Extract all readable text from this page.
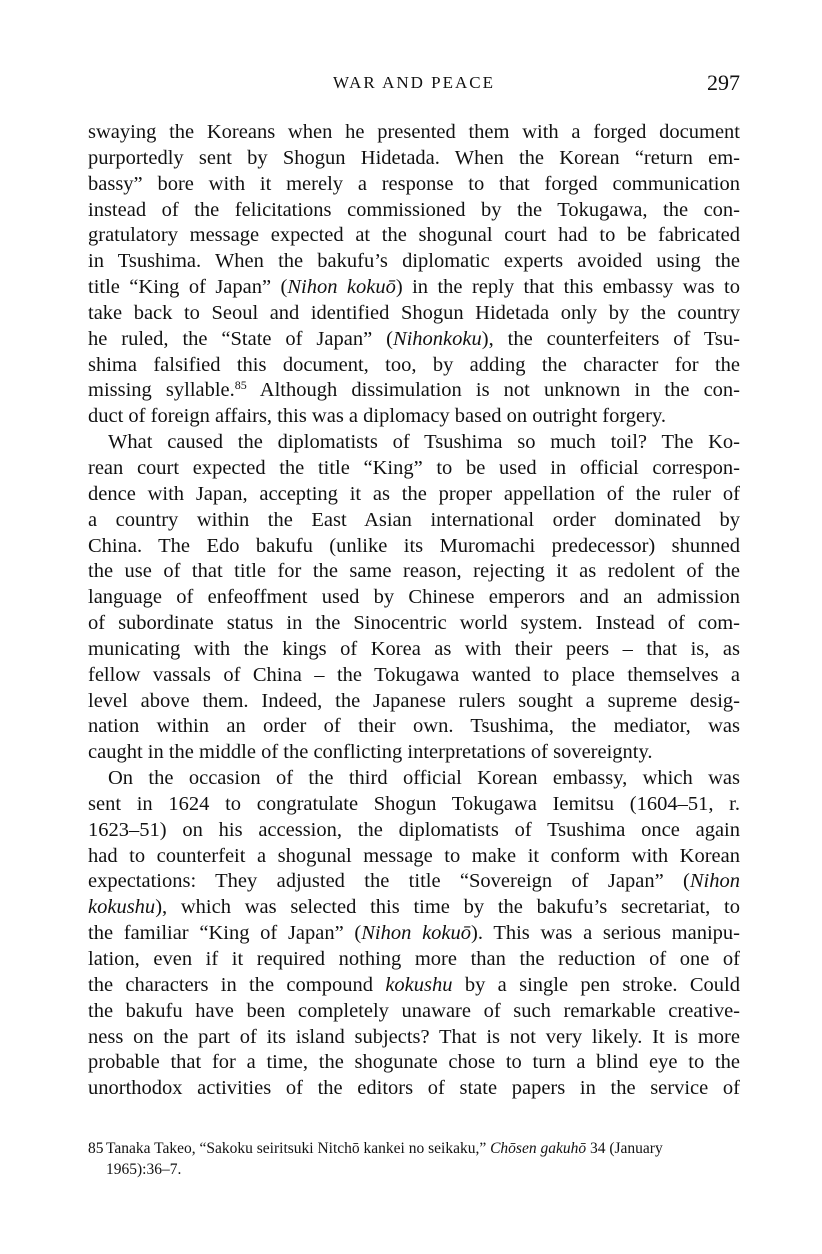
WAR AND PEACE	297
swaying the Koreans when he presented them with a forged document
purportedly sent by Shogun Hidetada. When the Korean “return em-
bassy” bore with it merely a response to that forged communication
instead of the felicitations commissioned by the Tokugawa, the con-
gratulatory message expected at the shogunal court had to be fabricated
in Tsushima. When the bakufu’s diplomatic experts avoided using the
title “King of Japan” (Nihon kokuō) in the reply that this embassy was to
take back to Seoul and identified Shogun Hidetada only by the country
he ruled, the “State of Japan” (Nihonkoku), the counterfeiters of Tsu-
shima falsified this document, too, by adding the character for the
missing syllable.$^{85}$ Although dissimulation is not unknown in the con-
duct of foreign affairs, this was a diplomacy based on outright forgery.
What caused the diplomatists of Tsushima so much toil? The Ko-
rean court expected the title “King” to be used in official correspon-
dence with Japan, accepting it as the proper appellation of the ruler of
a country within the East Asian international order dominated by
China. The Edo bakufu (unlike its Muromachi predecessor) shunned
the use of that title for the same reason, rejecting it as redolent of the
language of enfeoffment used by Chinese emperors and an admission
of subordinate status in the Sinocentric world system. Instead of com-
municating with the kings of Korea as with their peers – that is, as
fellow vassals of China – the Tokugawa wanted to place themselves a
level above them. Indeed, the Japanese rulers sought a supreme desig-
nation within an order of their own. Tsushima, the mediator, was
caught in the middle of the conflicting interpretations of sovereignty.
On the occasion of the third official Korean embassy, which was
sent in 1624 to congratulate Shogun Tokugawa Iemitsu (1604–51, r.
1623–51) on his accession, the diplomatists of Tsushima once again
had to counterfeit a shogunal message to make it conform with Korean
expectations: They adjusted the title “Sovereign of Japan” (Nihon
kokushu), which was selected this time by the bakufu’s secretariat, to
the familiar “King of Japan” (Nihon kokuō). This was a serious manipu-
lation, even if it required nothing more than the reduction of one of
the characters in the compound kokushu by a single pen stroke. Could
the bakufu have been completely unaware of such remarkable creative-
ness on the part of its island subjects? That is not very likely. It is more
probable that for a time, the shogunate chose to turn a blind eye to the
unorthodox activities of the editors of state papers in the service of
85 Tanaka Takeo, “Sakoku seiritsuki Nitchō kankei no seikaku,” Chōsen gakuhō 34 (January
1965):36–7.
